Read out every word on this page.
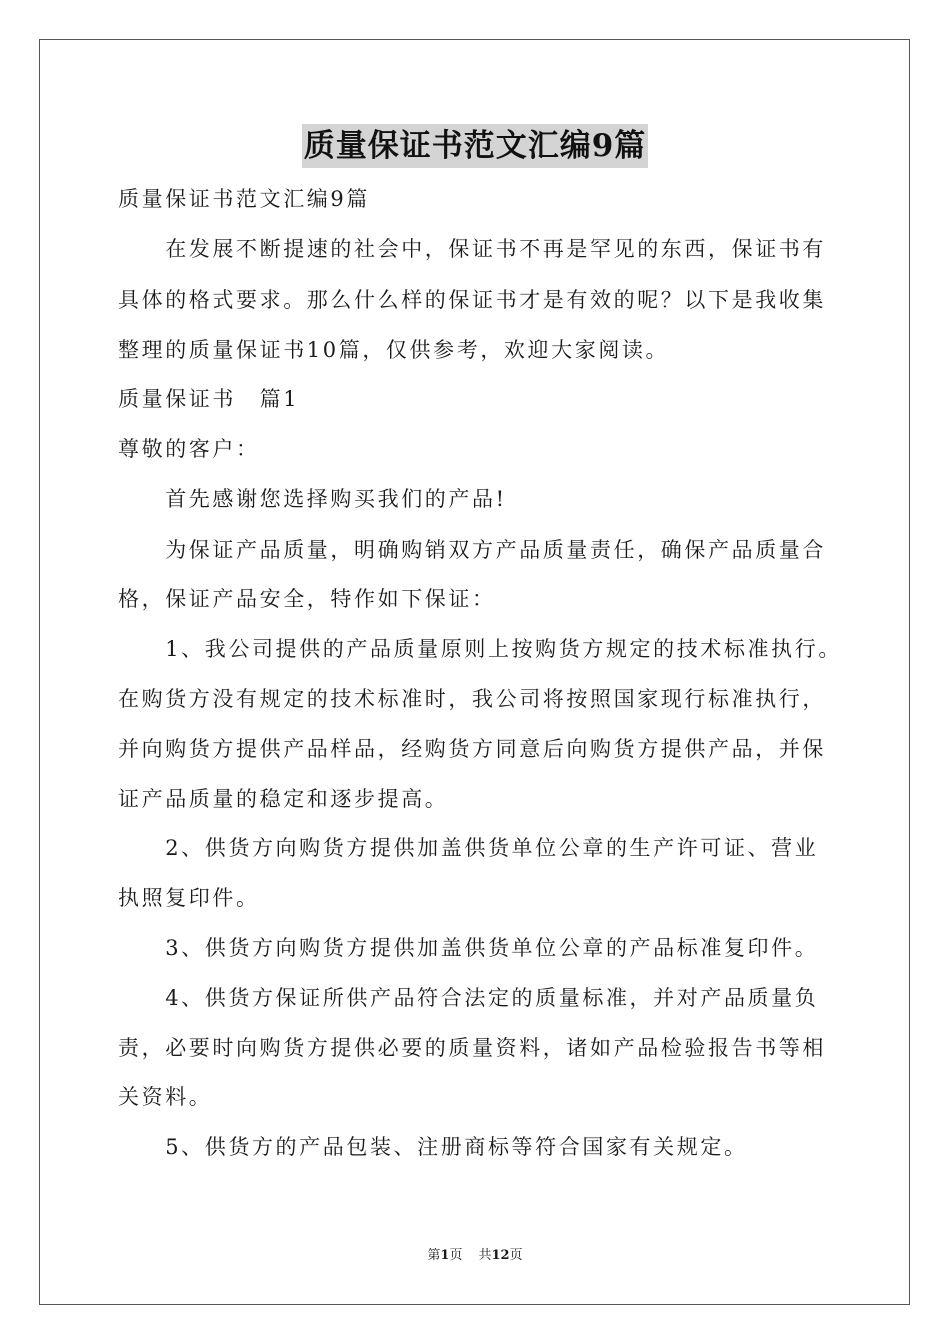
质量保证书范文汇编9篇
质量保证书范文汇编9篇
　　在发展不断提速的社会中，保证书不再是罕见的东西，保证书有
具体的格式要求。那么什么样的保证书才是有效的呢？以下是我收集
整理的质量保证书10篇，仅供参考，欢迎大家阅读。
质量保证书　篇1
尊敬的客户：
　　首先感谢您选择购买我们的产品!
　　为保证产品质量，明确购销双方产品质量责任，确保产品质量合
格，保证产品安全，特作如下保证：
　　1、我公司提供的产品质量原则上按购货方规定的技术标准执行。
在购货方没有规定的技术标准时，我公司将按照国家现行标准执行，
并向购货方提供产品样品，经购货方同意后向购货方提供产品，并保
证产品质量的稳定和逐步提高。
　　2、供货方向购货方提供加盖供货单位公章的生产许可证、营业
执照复印件。
　　3、供货方向购货方提供加盖供货单位公章的产品标准复印件。
　　4、供货方保证所供产品符合法定的质量标准，并对产品质量负
责，必要时向购货方提供必要的质量资料，诸如产品检验报告书等相
关资料。
　　5、供货方的产品包装、注册商标等符合国家有关规定。
第1页 共12页
